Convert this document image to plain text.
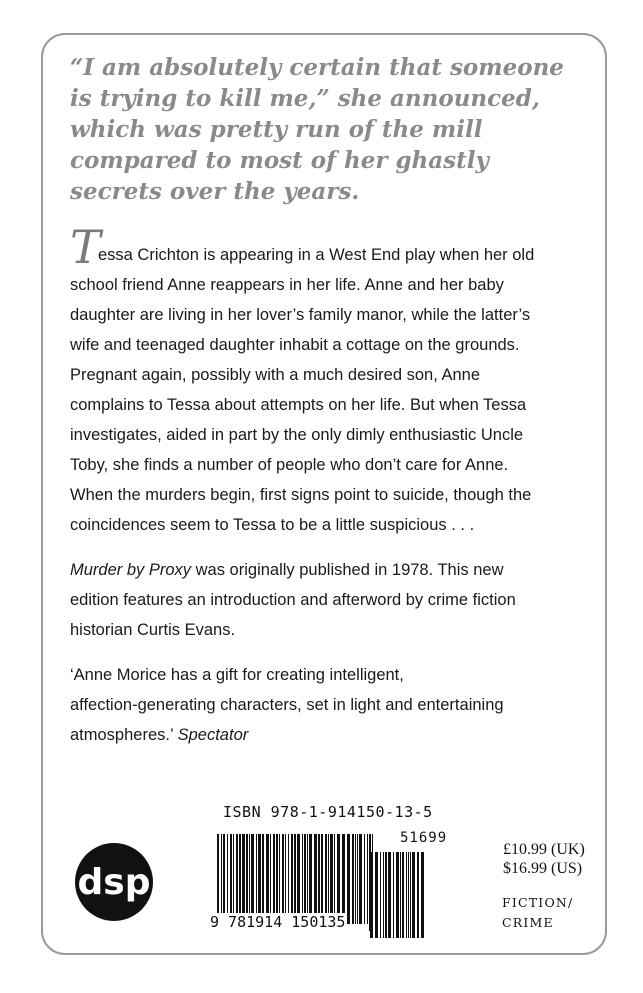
“I am absolutely certain that someone
is trying to kill me,” she announced,
which was pretty run of the mill
compared to most of her ghastly
secrets over the years.

Tessa Crichton is appearing in a West End play when her old
school friend Anne reappears in her life. Anne and her baby
daughter are living in her lover’s family manor, while the latter’s
wife and teenaged daughter inhabit a cottage on the grounds.
Pregnant again, possibly with a much desired son, Anne
complains to Tessa about attempts on her life. But when Tessa
investigates, aided in part by the only dimly enthusiastic Uncle
Toby, she finds a number of people who don’t care for Anne.
When the murders begin, first signs point to suicide, though the
coincidences seem to Tessa to be a little suspicious . . .

Murder by Proxy was originally published in 1978. This new
edition features an introduction and afterword by crime fiction
historian Curtis Evans.

‘Anne Morice has a gift for creating intelligent,
affection-generating characters, set in light and entertaining
atmospheres.’ Spectator

dsp
ISBN 978-1-914150-13-5
51699
9 781914 150135
£10.99 (UK)
$16.99 (US)
FICTION/
CRIME
